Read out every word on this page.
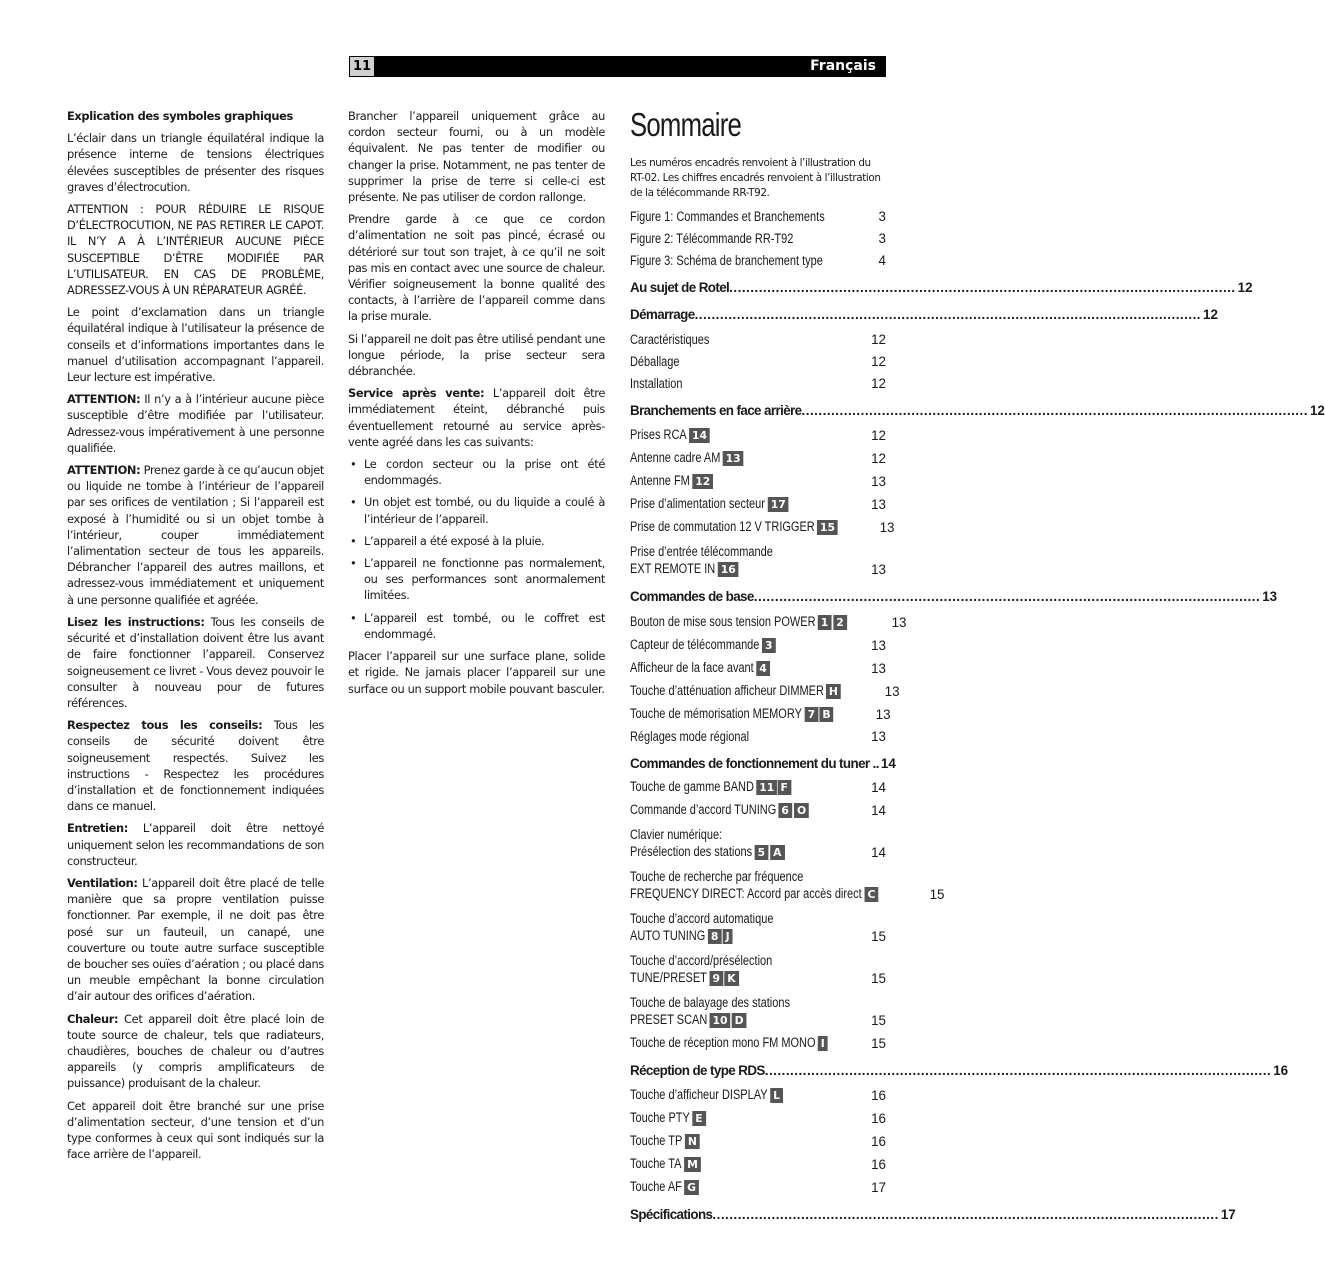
11	Français

Explication des symboles graphiques

L’éclair dans un triangle équilatéral indique la présence interne de tensions électriques élevées susceptibles de présenter des risques graves d’électrocution.

ATTENTION : POUR RÉDUIRE LE RISQUE D’ÉLECTROCUTION, NE PAS RETIRER LE CAPOT. IL N’Y A À L’INTÉRIEUR AUCUNE PIÈCE SUSCEPTIBLE D’ÊTRE MODIFIÉE PAR L’UTILISATEUR. EN CAS DE PROBLÈME, ADRESSEZ-VOUS À UN RÉPARATEUR AGRÉÉ.

Le point d’exclamation dans un triangle équilatéral indique à l’utilisateur la présence de conseils et d’informations importantes dans le manuel d’utilisation accompagnant l’appareil. Leur lecture est impérative.

ATTENTION: Il n’y a à l’intérieur aucune pièce susceptible d’être modifiée par l’utilisateur. Adressez-vous impérativement à une personne qualifiée.

ATTENTION: Prenez garde à ce qu’aucun objet ou liquide ne tombe à l’intérieur de l’appareil par ses orifices de ventilation ; Si l’appareil est exposé à l’humidité ou si un objet tombe à l’intérieur, couper immédiatement l’alimentation secteur de tous les appareils. Débrancher l’appareil des autres maillons, et adressez-vous immédiatement et uniquement à une personne qualifiée et agréée.

Lisez les instructions: Tous les conseils de sécurité et d’installation doivent être lus avant de faire fonctionner l’appareil. Conservez soigneusement ce livret - Vous devez pouvoir le consulter à nouveau pour de futures références.

Respectez tous les conseils: Tous les conseils de sécurité doivent être soigneusement respectés. Suivez les instructions - Respectez les procédures d’installation et de fonctionnement indiquées dans ce manuel.

Entretien: L’appareil doit être nettoyé uniquement selon les recommandations de son constructeur.

Ventilation: L’appareil doit être placé de telle manière que sa propre ventilation puisse fonctionner. Par exemple, il ne doit pas être posé sur un fauteuil, un canapé, une couverture ou toute autre surface susceptible de boucher ses ouïes d’aération ; ou placé dans un meuble empêchant la bonne circulation d’air autour des orifices d’aération.

Chaleur: Cet appareil doit être placé loin de toute source de chaleur, tels que radiateurs, chaudières, bouches de chaleur ou d’autres appareils (y compris amplificateurs de puissance) produisant de la chaleur.

Cet appareil doit être branché sur une prise d’alimentation secteur, d’une tension et d’un type conformes à ceux qui sont indiqués sur la face arrière de l’appareil.

Brancher l’appareil uniquement grâce au cordon secteur fourni, ou à un modèle équivalent. Ne pas tenter de modifier ou changer la prise. Notamment, ne pas tenter de supprimer la prise de terre si celle-ci est présente. Ne pas utiliser de cordon rallonge.

Prendre garde à ce que ce cordon d’alimentation ne soit pas pincé, écrasé ou détérioré sur tout son trajet, à ce qu’il ne soit pas mis en contact avec une source de chaleur. Vérifier soigneusement la bonne qualité des contacts, à l’arrière de l’appareil comme dans la prise murale.

Si l’appareil ne doit pas être utilisé pendant une longue période, la prise secteur sera débranchée.

Service après vente: L’appareil doit être immédiatement éteint, débranché puis éventuellement retourné au service après-vente agréé dans les cas suivants:

• Le cordon secteur ou la prise ont été endommagés.
• Un objet est tombé, ou du liquide a coulé à l’intérieur de l’appareil.
• L’appareil a été exposé à la pluie.
• L’appareil ne fonctionne pas normalement, ou ses performances sont anormalement limitées.
• L’appareil est tombé, ou le coffret est endommagé.

Placer l’appareil sur une surface plane, solide et rigide. Ne jamais placer l’appareil sur une surface ou un support mobile pouvant basculer.

Sommaire

Les numéros encadrés renvoient à l’illustration du RT-02. Les chiffres encadrés renvoient à l’illustration de la télécommande RR-T92.

Figure 1: Commandes et Branchements	3
Figure 2: Télécommande RR-T92	3
Figure 3: Schéma de branchement type	4
Au sujet de Rotel ........................................................................................................................ 12
Démarrage ........................................................................................................................ 12
Caractéristiques	12
Déballage	12
Installation	12
Branchements en face arrière ........................................................................................................................ 12
Prises RCA 14	12
Antenne cadre AM 13	12
Antenne FM 12	13
Prise d’alimentation secteur 17	13
Prise de commutation 12 V TRIGGER 15	13
Prise d’entrée télécommande
EXT REMOTE IN 16	13
Commandes de base ........................................................................................................................ 13
Bouton de mise sous tension POWER 1 2	13
Capteur de télécommande 3	13
Afficheur de la face avant 4	13
Touche d’atténuation afficheur DIMMER H	13
Touche de mémorisation MEMORY 7 B	13
Réglages mode régional	13
Commandes de fonctionnement du tuner .. 14
Touche de gamme BAND 11 F	14
Commande d’accord TUNING 6 O	14
Clavier numérique:
Présélection des stations 5 A	14
Touche de recherche par fréquence
FREQUENCY DIRECT: Accord par accès direct C	15
Touche d’accord automatique
AUTO TUNING 8 J	15
Touche d’accord/présélection
TUNE/PRESET 9 K	15
Touche de balayage des stations
PRESET SCAN 10 D	15
Touche de réception mono FM MONO I	15
Réception de type RDS ........................................................................................................................ 16
Touche d’afficheur DISPLAY L	16
Touche PTY E	16
Touche TP N	16
Touche TA M	16
Touche AF G	17
Spécifications ........................................................................................................................ 17
